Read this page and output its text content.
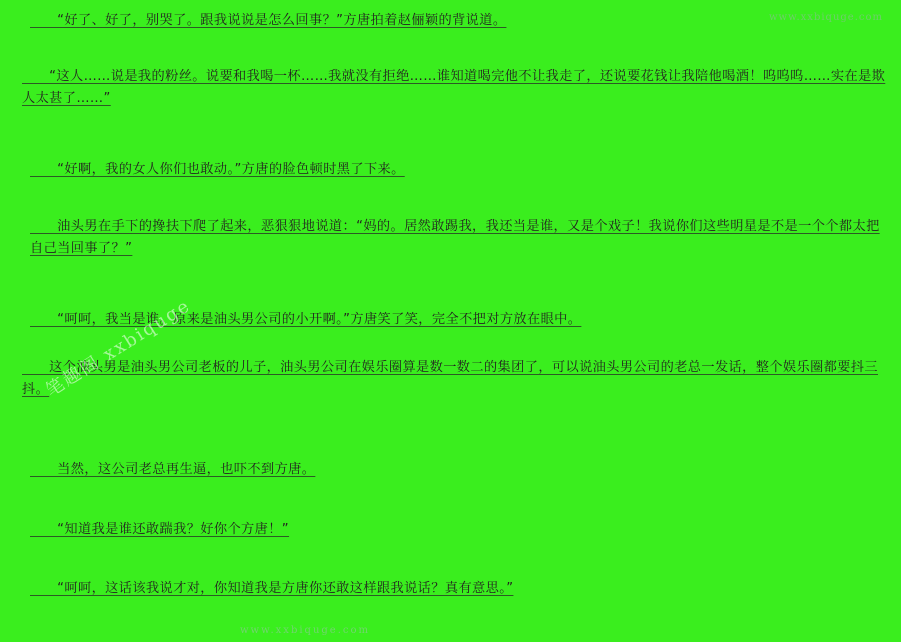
www.xxbiquge.com
　　“好了、好了，别哭了。跟我说说是怎么回事？”方唐拍着赵俪颖的背说道。
　　“这人……说是我的粉丝。说要和我喝一杯……我就没有拒绝……谁知道喝完他不让我走了，还说要花钱让我陪他喝酒！呜呜呜……实在是欺人太甚了……”
　　“好啊，我的女人你们也敢动。”方唐的脸色顿时黑了下来。
　　油头男在手下的搀扶下爬了起来，恶狠狠地说道：“妈的。居然敢踢我，我还当是谁，又是个戏子！我说你们这些明星是不是一个个都太把自己当回事了？”
　　“呵呵，我当是谁。原来是油头男公司的小开啊。”方唐笑了笑，完全不把对方放在眼中。
　　这个油头男是油头男公司老板的儿子，油头男公司在娱乐圈算是数一数二的集团了，可以说油头男公司的老总一发话，整个娱乐圈都要抖三抖。
　　当然，这公司老总再生逼，也吓不到方唐。
　　“知道我是谁还敢踹我？好你个方唐！”
　　“呵呵，这话该我说才对，你知道我是方唐你还敢这样跟我说话？真有意思。”
笔趣阁 xxbiquge
www.xxbiquge.com
